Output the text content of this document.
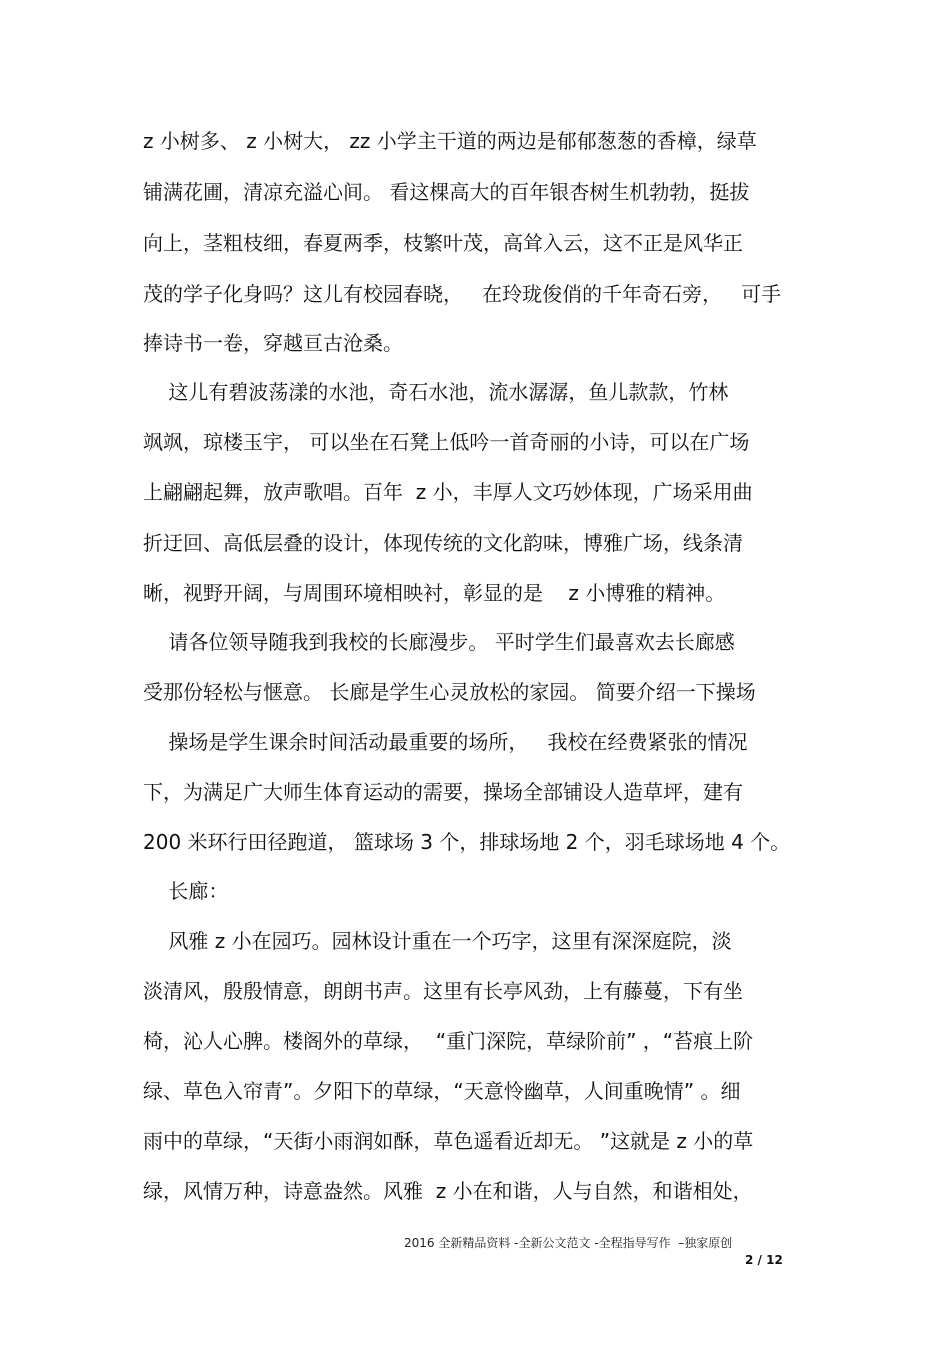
z 小树多、 z 小树大， zz 小学主干道的两边是郁郁葱葱的香樟，绿草
铺满花圃，清凉充溢心间。 看这棵高大的百年银杏树生机勃勃，挺拔
向上，茎粗枝细，春夏两季，枝繁叶茂，高耸入云，这不正是风华正
茂的学子化身吗？这儿有校园春晓，   在玲珑俊俏的千年奇石旁，   可手
捧诗书一卷，穿越亘古沧桑。
这儿有碧波荡漾的水池，奇石水池，流水潺潺，鱼儿款款，竹林
飒飒，琼楼玉宇， 可以坐在石凳上低吟一首奇丽的小诗，可以在广场
上翩翩起舞，放声歌唱。百年  z 小，丰厚人文巧妙体现，广场采用曲
折迂回、高低层叠的设计，体现传统的文化韵味，博雅广场，线条清
晰，视野开阔，与周围环境相映衬，彰显的是    z 小博雅的精神。
请各位领导随我到我校的长廊漫步。 平时学生们最喜欢去长廊感
受那份轻松与惬意。 长廊是学生心灵放松的家园。 简要介绍一下操场
操场是学生课余时间活动最重要的场所，   我校在经费紧张的情况
下，为满足广大师生体育运动的需要，操场全部铺设人造草坪，建有
200 米环行田径跑道， 篮球场 3 个，排球场地 2 个，羽毛球场地 4 个。
长廊：
风雅 z 小在园巧。园林设计重在一个巧字，这里有深深庭院，淡
淡清风，殷殷情意，朗朗书声。这里有长亭风劲，上有藤蔓，下有坐
椅，沁人心脾。楼阁外的草绿，  “重门深院，草绿阶前” ，“苔痕上阶
绿、草色入帘青”。夕阳下的草绿，“天意怜幽草，人间重晚情” 。细
雨中的草绿，“天街小雨润如酥，草色遥看近却无。 ”这就是 z 小的草
绿，风情万种，诗意盎然。风雅  z 小在和谐，人与自然，和谐相处，
2016 全新精品资料 -全新公文范文 -全程指导写作  –独家原创
2 / 12
